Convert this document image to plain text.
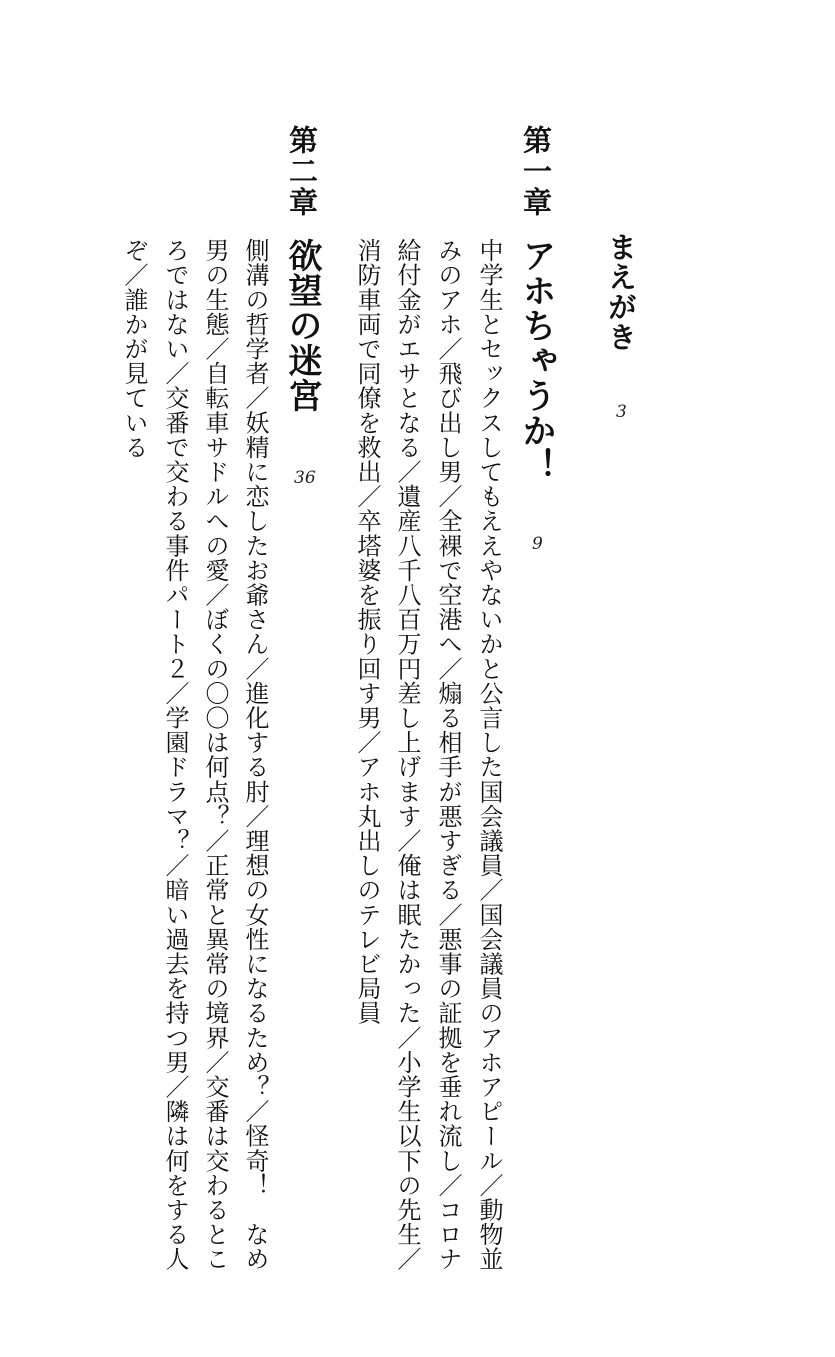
まえがき
3
第一章
アホちゃうか！
9
中学生とセックスしてもええやないかと公言した国会議員／国会議員のアホアピール／動物並
みのアホ／飛び出し男／全裸で空港へ／煽る相手が悪すぎる／悪事の証拠を垂れ流し／コロナ
給付金がエサとなる／遺産八千八百万円差し上げます／俺は眠たかった／小学生以下の先生／
消防車両で同僚を救出／卒塔婆を振り回す男／アホ丸出しのテレビ局員
第二章
欲望の迷宮
36
側溝の哲学者／妖精に恋したお爺さん／進化する肘／理想の女性になるため？／怪奇！　なめ
男の生態／自転車サドルへの愛／ぼくの〇〇は何点？／正常と異常の境界／交番は交わるとこ
ろではない／交番で交わる事件パート２／学園ドラマ？／暗い過去を持つ男／隣は何をする人
ぞ／誰かが見ている
